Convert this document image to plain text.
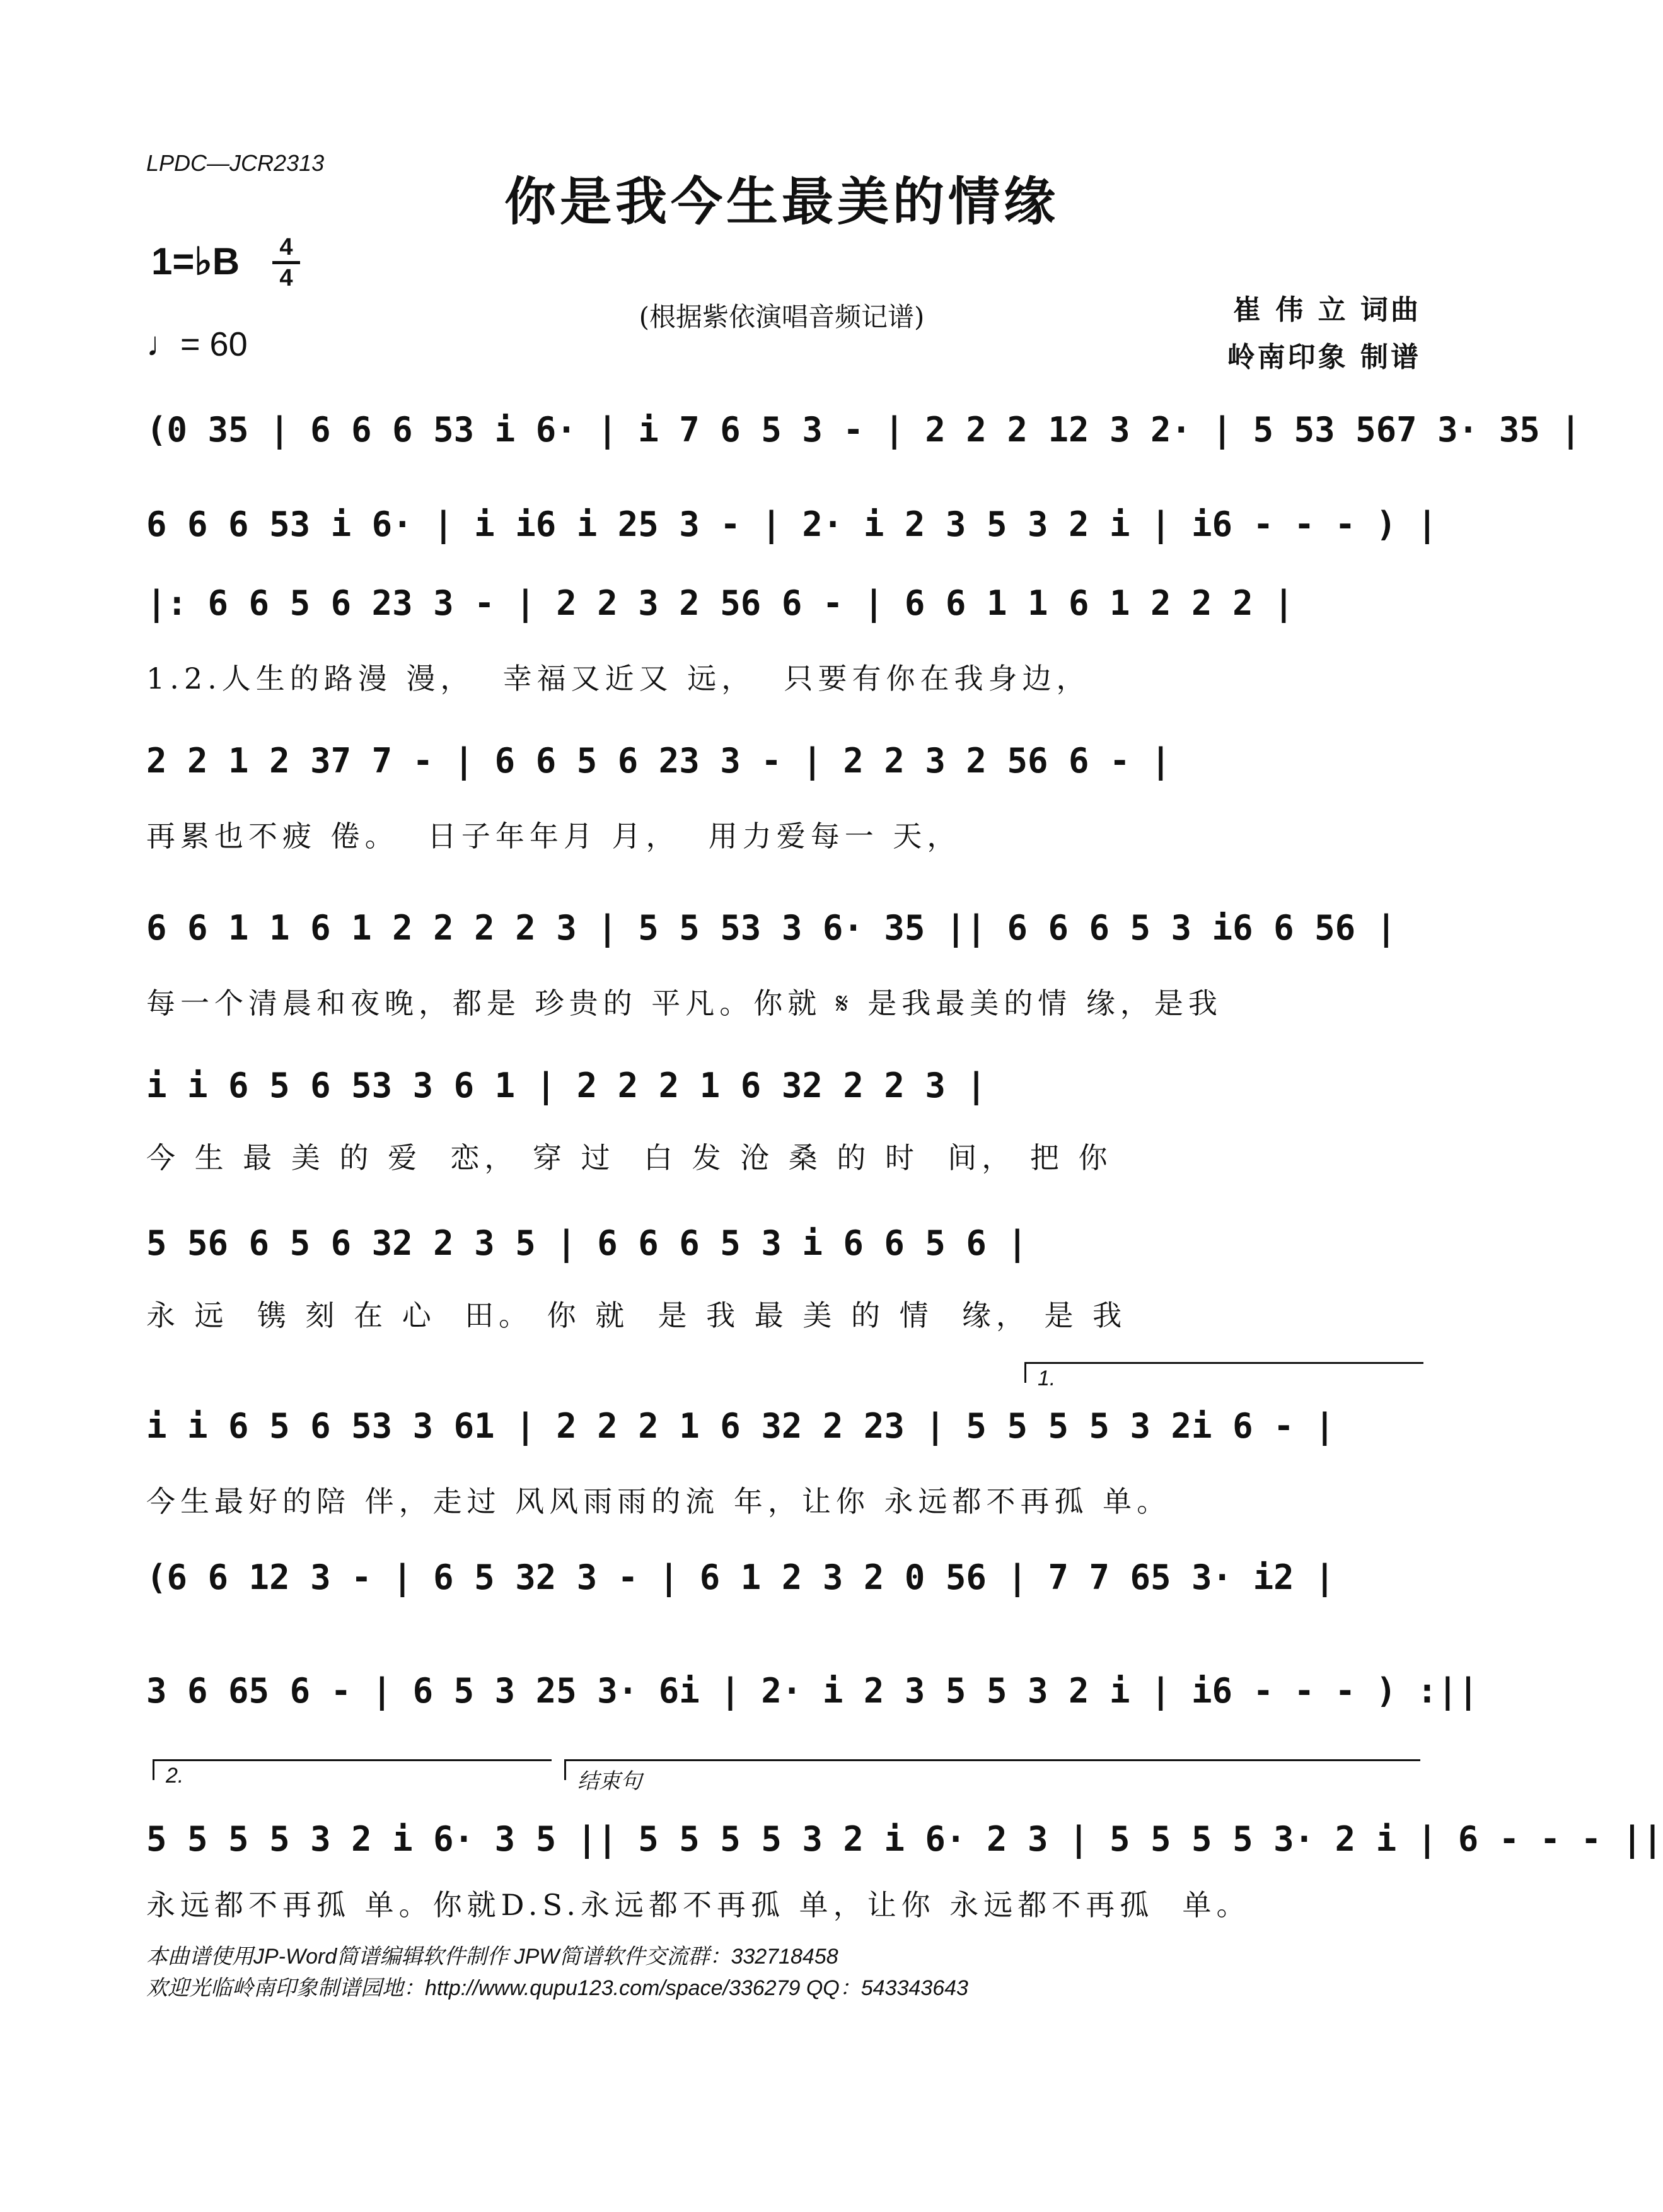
LPDC—JCR2313
你是我今生最美的情缘
1=♭B	4
4
♩= 60
(根据紫依演唱音频记谱)	崔 伟 立 词曲
岭南印象 制谱
(0 35 | 6 6 6 53 i 6· | i 7 6 5 3 - | 2 2 2 12 3 2· | 5 53 567 3· 35 |
6 6 6 53 i 6· | i i6 i 25 3 - | 2· i 2 3 5 3 2 i | i6 - - - ) |
|: 6 6 5 6 23 3 - | 2 2 3 2 56 6 - | 6 6 1 1 6 1 2 2 2 |
1.2.人生的路漫 漫，  幸福又近又 远，  只要有你在我身边，
2 2 1 2 37 7 - | 6 6 5 6 23 3 - | 2 2 3 2 56 6 - |
再累也不疲 倦。  日子年年月 月，  用力爱每一 天，
6 6 1 1 6 1 2 2 2 2 3 | 5 5 53 3 6· 35 || 6 6 6 5 3 i6 6 56 |
每一个清晨和夜晚，都是 珍贵的 平凡。你就 𝄋 是我最美的情 缘，是我
i i 6 5 6 53 3 6 1 | 2 2 2 1 6 32 2 2 3 |
今 生 最 美 的 爱  恋， 穿 过  白 发 沧 桑 的 时  间， 把 你
5 56 6 5 6 32 2 3 5 | 6 6 6 5 3 i 6 6 5 6 |
永 远  镌 刻 在 心  田。 你 就  是 我 最 美 的 情  缘， 是 我
1.
i i 6 5 6 53 3 61 | 2 2 2 1 6 32 2 23 | 5 5 5 5 3 2i 6 - |
今生最好的陪 伴，走过 风风雨雨的流 年，让你 永远都不再孤 单。
(6 6 12 3 - | 6 5 32 3 - | 6 1 2 3 2 0 56 | 7 7 65 3· i2 |
3 6 65 6 - | 6 5 3 25 3· 6i | 2· i 2 3 5 5 3 2 i | i6 - - - ) :||
2.	结束句
5 5 5 5 3 2 i 6· 3 5 || 5 5 5 5 3 2 i 6· 2 3 | 5 5 5 5 3· 2 i | 6 - - - ||
永远都不再孤 单。你就D.S.永远都不再孤 单，让你 永远都不再孤  单。
本曲谱使用JP-Word简谱编辑软件制作 JPW简谱软件交流群：332718458
欢迎光临岭南印象制谱园地：http://www.qupu123.com/space/336279 QQ：543343643
